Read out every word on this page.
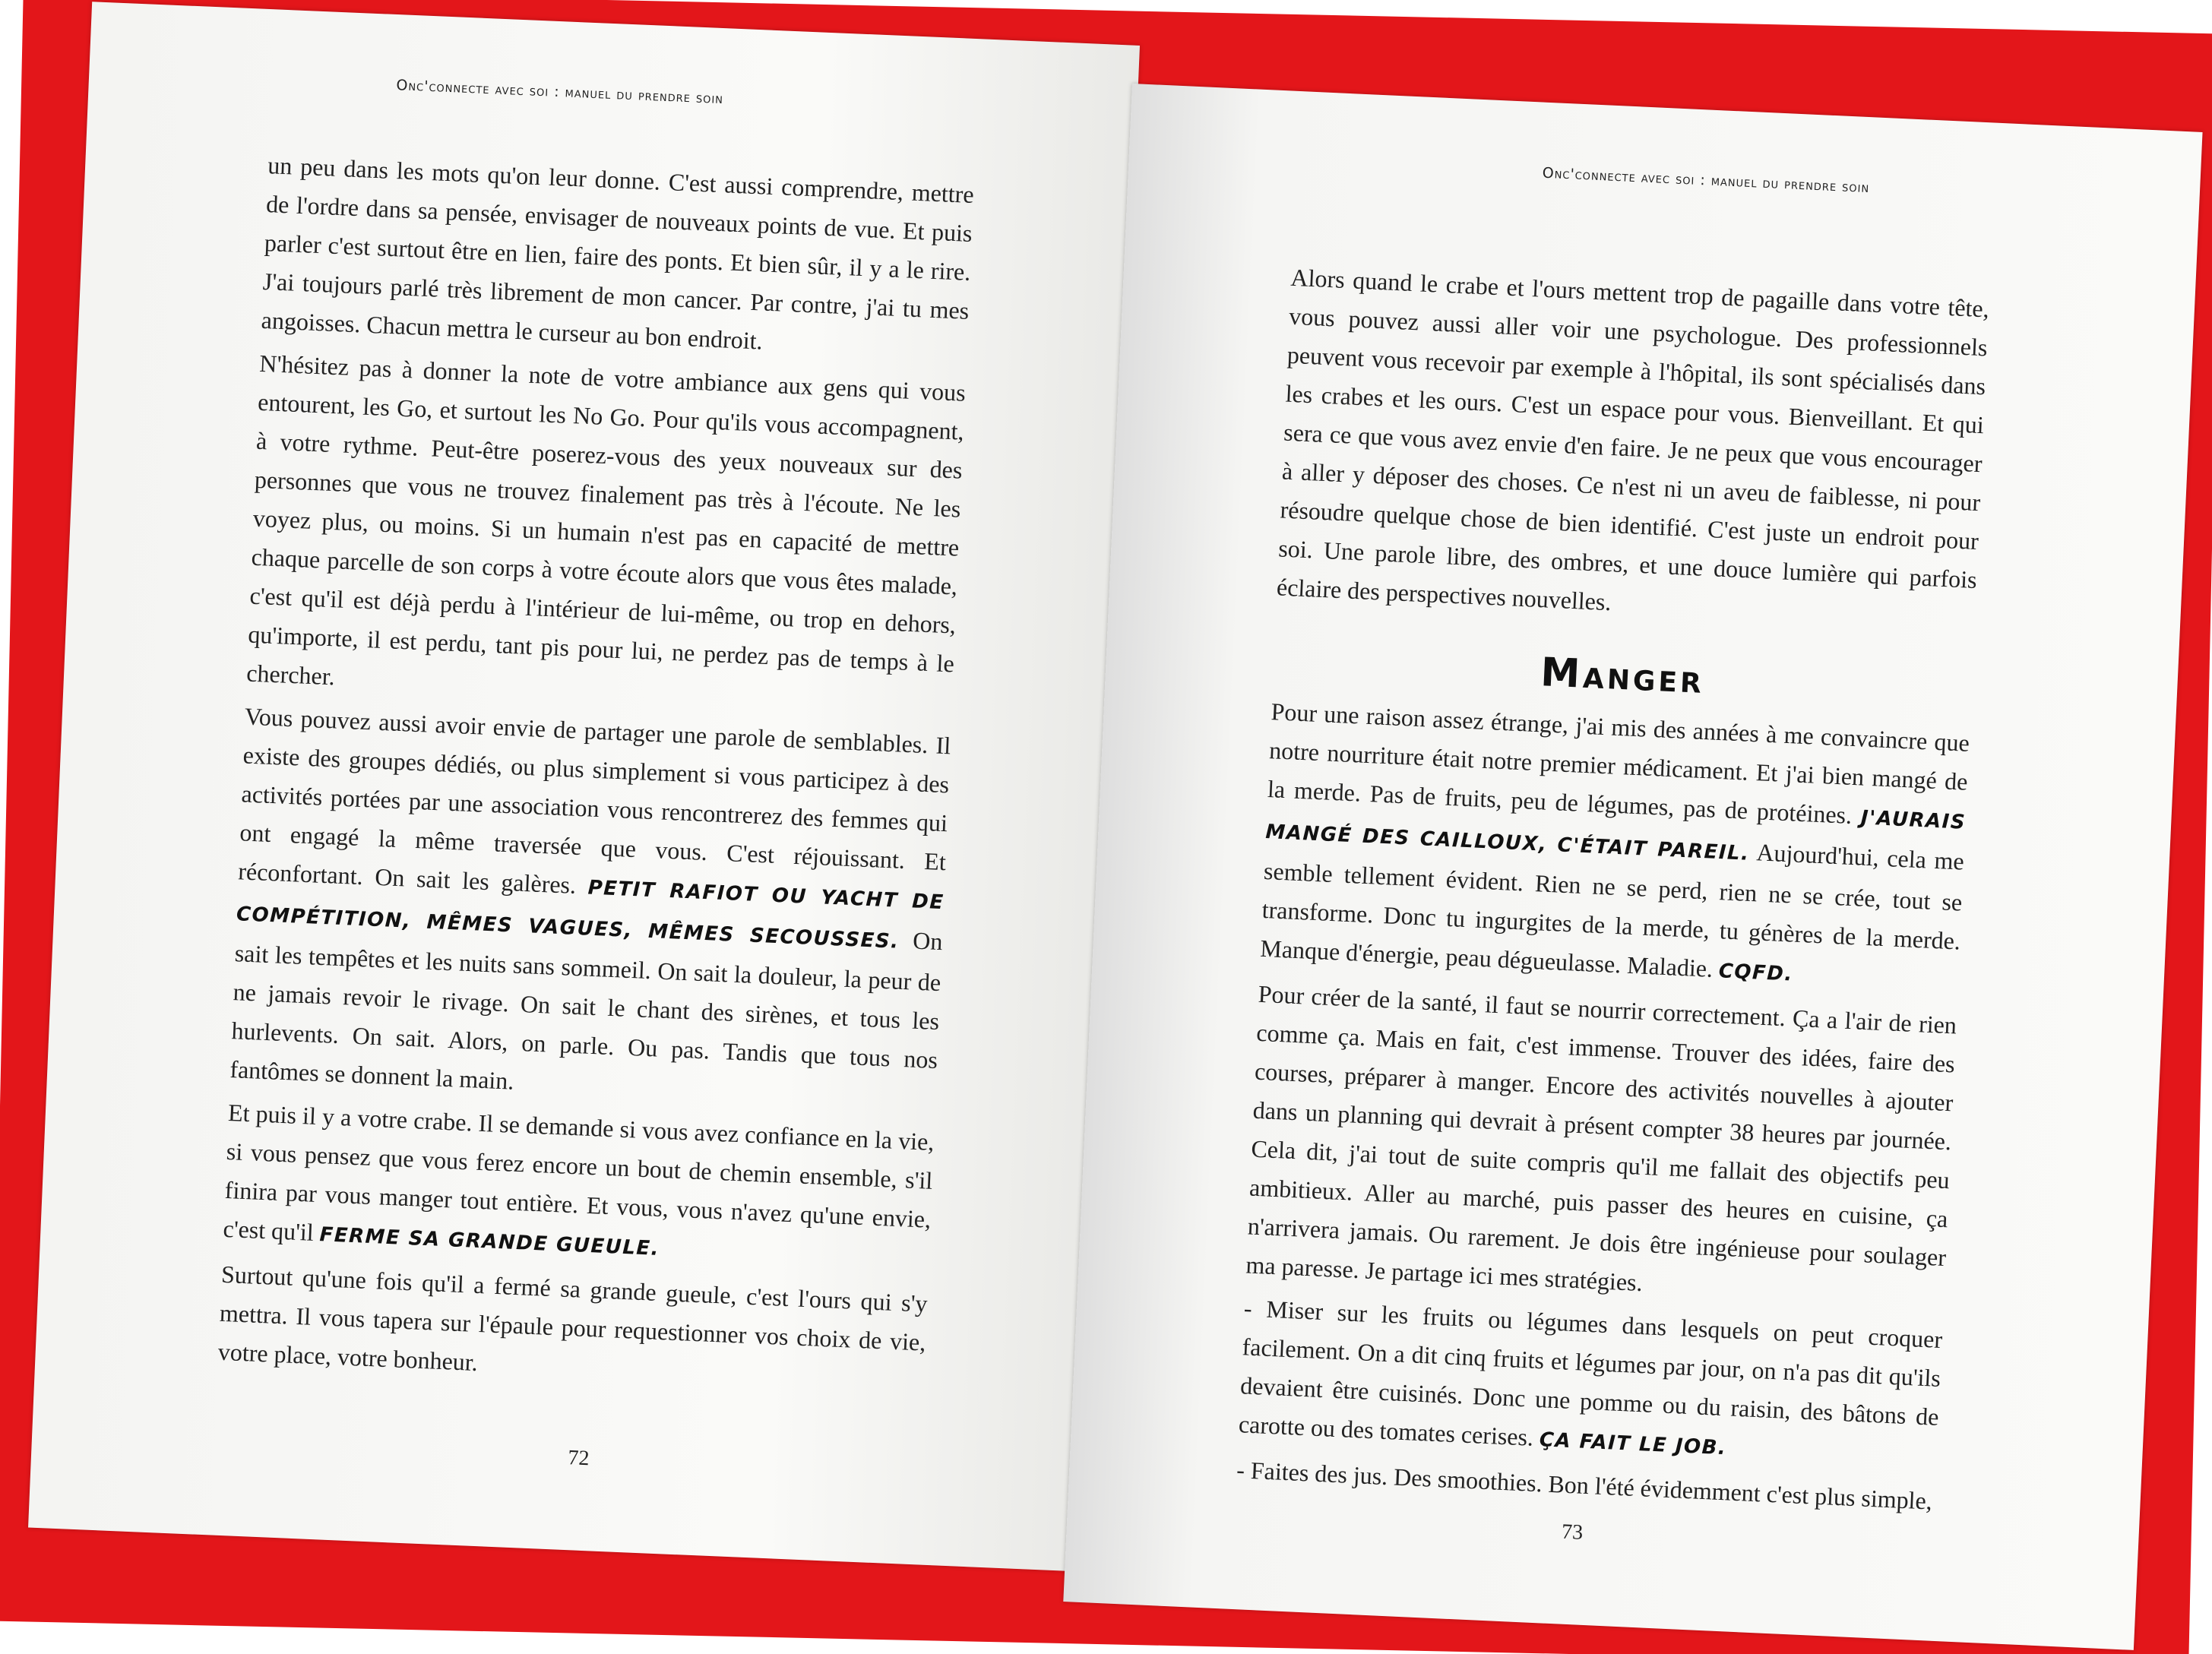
Onc'connecte avec soi : manuel du prendre soin

un peu dans les mots qu'on leur donne. C'est aussi comprendre, mettre de l'ordre dans sa pensée, envisager de nouveaux points de vue. Et puis parler c'est surtout être en lien, faire des ponts. Et bien sûr, il y a le rire. J'ai toujours parlé très librement de mon cancer. Par contre, j'ai tu mes angoisses. Chacun mettra le curseur au bon endroit.

N'hésitez pas à donner la note de votre ambiance aux gens qui vous entourent, les Go, et surtout les No Go. Pour qu'ils vous accompagnent, à votre rythme. Peut-être poserez-vous des yeux nouveaux sur des personnes que vous ne trouvez finalement pas très à l'écoute. Ne les voyez plus, ou moins. Si un humain n'est pas en capacité de mettre chaque parcelle de son corps à votre écoute alors que vous êtes malade, c'est qu'il est déjà perdu à l'intérieur de lui-même, ou trop en dehors, qu'importe, il est perdu, tant pis pour lui, ne perdez pas de temps à le chercher.

Vous pouvez aussi avoir envie de partager une parole de semblables. Il existe des groupes dédiés, ou plus simplement si vous participez à des activités portées par une association vous rencontrerez des femmes qui ont engagé la même traversée que vous. C'est réjouissant. Et réconfortant. On sait les galères. PETIT RAFIOT OU YACHT DE COMPÉTITION, MÊMES VAGUES, MÊMES SECOUSSES. On sait les tempêtes et les nuits sans sommeil. On sait la douleur, la peur de ne jamais revoir le rivage. On sait le chant des sirènes, et tous les hurlevents. On sait. Alors, on parle. Ou pas. Tandis que tous nos fantômes se donnent la main.

Et puis il y a votre crabe. Il se demande si vous avez confiance en la vie, si vous pensez que vous ferez encore un bout de chemin ensemble, s'il finira par vous manger tout entière. Et vous, vous n'avez qu'une envie, c'est qu'il FERME SA GRANDE GUEULE.

Surtout qu'une fois qu'il a fermé sa grande gueule, c'est l'ours qui s'y mettra. Il vous tapera sur l'épaule pour requestionner vos choix de vie, votre place, votre bonheur.

72
Onc'connecte avec soi : manuel du prendre soin

Alors quand le crabe et l'ours mettent trop de pagaille dans votre tête, vous pouvez aussi aller voir une psychologue. Des professionnels peuvent vous recevoir par exemple à l'hôpital, ils sont spécialisés dans les crabes et les ours. C'est un espace pour vous. Bienveillant. Et qui sera ce que vous avez envie d'en faire. Je ne peux que vous encourager à aller y déposer des choses. Ce n'est ni un aveu de faiblesse, ni pour résoudre quelque chose de bien identifié. C'est juste un endroit pour soi. Une parole libre, des ombres, et une douce lumière qui parfois éclaire des perspectives nouvelles.

Manger

Pour une raison assez étrange, j'ai mis des années à me convaincre que notre nourriture était notre premier médicament. Et j'ai bien mangé de la merde. Pas de fruits, peu de légumes, pas de protéines. J'AURAIS MANGÉ DES CAILLOUX, C'ÉTAIT PAREIL. Aujourd'hui, cela me semble tellement évident. Rien ne se perd, rien ne se crée, tout se transforme. Donc tu ingurgites de la merde, tu génères de la merde. Manque d'énergie, peau dégueulasse. Maladie. CQFD.

Pour créer de la santé, il faut se nourrir correctement. Ça a l'air de rien comme ça. Mais en fait, c'est immense. Trouver des idées, faire des courses, préparer à manger. Encore des activités nouvelles à ajouter dans un planning qui devrait à présent compter 38 heures par journée. Cela dit, j'ai tout de suite compris qu'il me fallait des objectifs peu ambitieux. Aller au marché, puis passer des heures en cuisine, ça n'arrivera jamais. Ou rarement. Je dois être ingénieuse pour soulager ma paresse. Je partage ici mes stratégies.

- Miser sur les fruits ou légumes dans lesquels on peut croquer facilement. On a dit cinq fruits et légumes par jour, on n'a pas dit qu'ils devaient être cuisinés. Donc une pomme ou du raisin, des bâtons de carotte ou des tomates cerises. ÇA FAIT LE JOB.

- Faites des jus. Des smoothies. Bon l'été évidemment c'est plus simple,

73
